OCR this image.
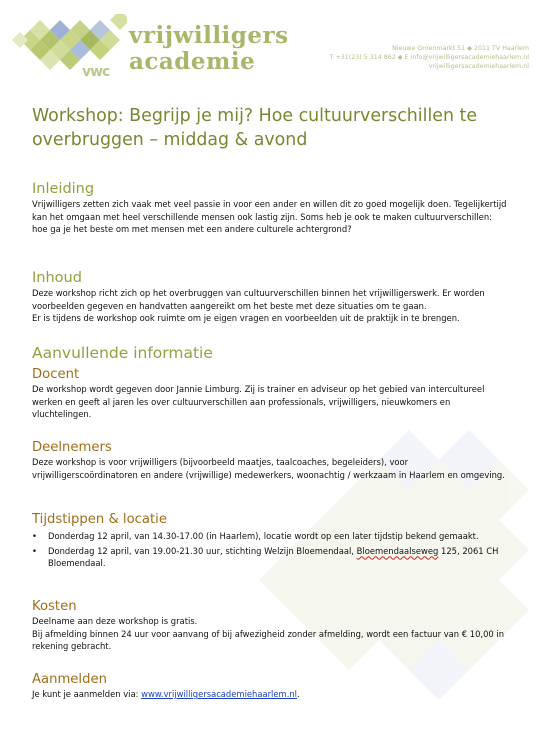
vwc
vrijwilligers
academie	Nieuwe Groenmarkt 51 ◆ 2011 TV Haarlem
T +31(23) 5 314 862 ◆ E info@vrijwilligersacademiehaarlem.nl
vrijwilligersacademiehaarlem.nl
Workshop: Begrijp je mij? Hoe cultuurverschillen te overbruggen – middag & avond
Inleiding

Vrijwilligers zetten zich vaak met veel passie in voor een ander en willen dit zo goed mogelijk doen. Tegelijkertijd kan het omgaan met heel verschillende mensen ook lastig zijn. Soms heb je ook te maken cultuurverschillen: hoe ga je het beste om met mensen met een andere culturele achtergrond?

Inhoud

Deze workshop richt zich op het overbruggen van cultuurverschillen binnen het vrijwilligerswerk. Er worden voorbeelden gegeven en handvatten aangereikt om het beste met deze situaties om te gaan.

Er is tijdens de workshop ook ruimte om je eigen vragen en voorbeelden uit de praktijk in te brengen.

Aanvullende informatie
Docent

De workshop wordt gegeven door Jannie Limburg. Zij is trainer en adviseur op het gebied van intercultureel werken en geeft al jaren les over cultuurverschillen aan professionals, vrijwilligers, nieuwkomers en vluchtelingen.

Deelnemers

Deze workshop is voor vrijwilligers (bijvoorbeeld maatjes, taalcoaches, begeleiders), voor vrijwilligerscoördinatoren en andere (vrijwillige) medewerkers, woonachtig / werkzaam in Haarlem en omgeving.

Tijdstippen & locatie
• Donderdag 12 april, van 14.30-17.00 (in Haarlem), locatie wordt op een later tijdstip bekend gemaakt.
• Donderdag 12 april, van 19.00-21.30 uur, stichting Welzijn Bloemendaal, Bloemendaalseweg 125, 2061 CH Bloemendaal.
Kosten

Deelname aan deze workshop is gratis.

Bij afmelding binnen 24 uur voor aanvang of bij afwezigheid zonder afmelding, wordt een factuur van € 10,00 in rekening gebracht.

Aanmelden

Je kunt je aanmelden via: www.vrijwilligersacademiehaarlem.nl.
